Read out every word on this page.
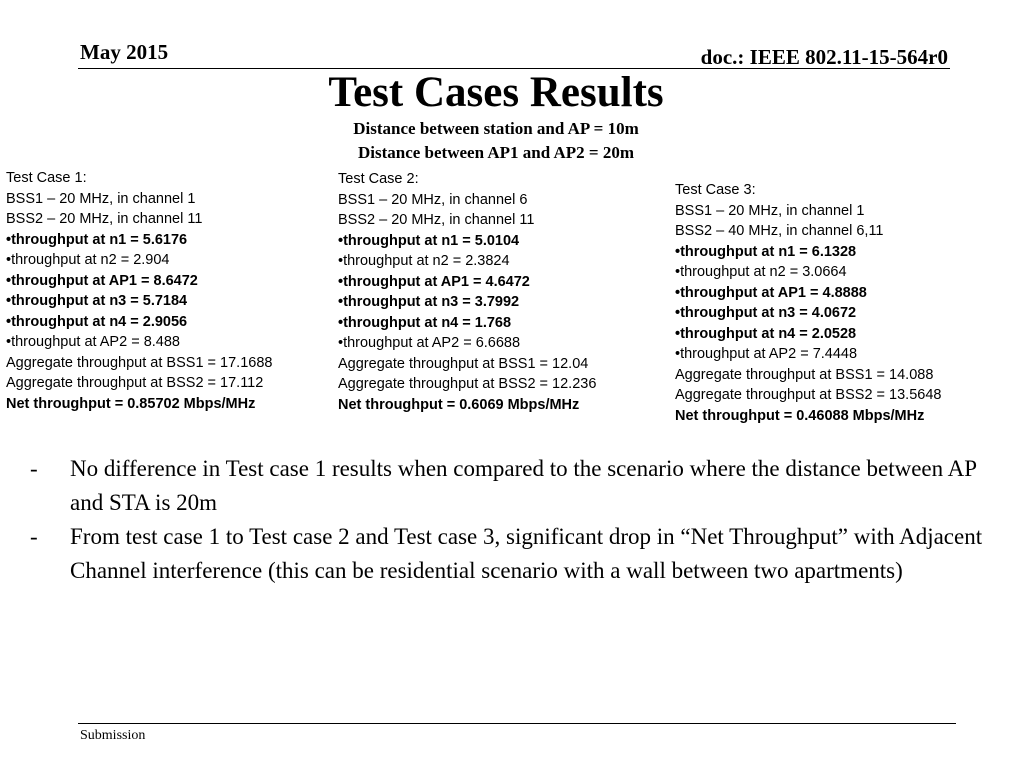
May 2015	doc.: IEEE 802.11-15-564r0
Test Cases Results
Distance between station and AP = 10m
Distance between AP1 and AP2 = 20m
Test Case 1:
BSS1 – 20 MHz, in channel 1
BSS2 – 20 MHz, in channel 11
•throughput at n1 = 5.6176
•throughput at n2 = 2.904
•throughput at AP1 = 8.6472
•throughput at n3 = 5.7184
•throughput at n4 = 2.9056
•throughput at AP2 = 8.488
Aggregate throughput at BSS1 = 17.1688
Aggregate throughput at BSS2 = 17.112
Net throughput = 0.85702 Mbps/MHz
Test Case 2:
BSS1 – 20 MHz, in channel 6
BSS2 – 20 MHz, in channel 11
•throughput at n1 = 5.0104
•throughput at n2 = 2.3824
•throughput at AP1 = 4.6472
•throughput at n3 = 3.7992
•throughput at n4 = 1.768
•throughput at AP2 = 6.6688
Aggregate throughput at BSS1 = 12.04
Aggregate throughput at BSS2 = 12.236
Net throughput = 0.6069 Mbps/MHz
Test Case 3:
BSS1 – 20 MHz, in channel 1
BSS2 – 40 MHz, in channel 6,11
•throughput at n1 = 6.1328
•throughput at n2 = 3.0664
•throughput at AP1 = 4.8888
•throughput at n3 = 4.0672
•throughput at n4 = 2.0528
•throughput at AP2 = 7.4448
Aggregate throughput at BSS1 = 14.088
Aggregate throughput at BSS2 = 13.5648
Net throughput = 0.46088 Mbps/MHz
-	No difference in Test case 1 results when compared to the scenario where the distance between AP and STA is 20m
-	From test case 1 to Test case 2 and Test case 3, significant drop in “Net Throughput” with Adjacent Channel interference (this can be residential scenario with a wall between two apartments)
Submission
